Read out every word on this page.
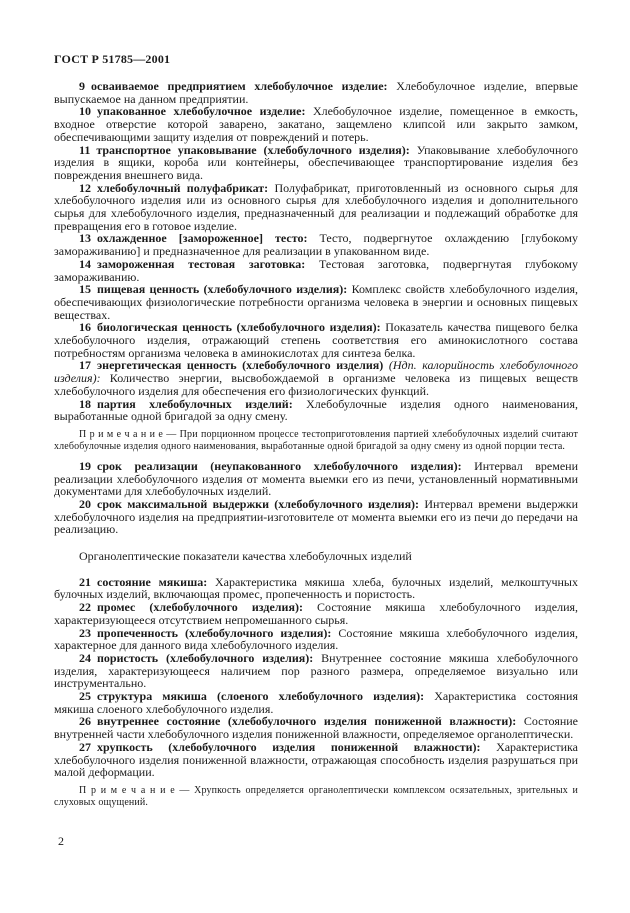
ГОСТ Р 51785—2001

9 осваиваемое предприятием хлебобулочное изделие: Хлебобулочное изделие, впервые выпускаемое на данном предприятии.

10 упакованное хлебобулочное изделие: Хлебобулочное изделие, помещенное в емкость, входное отверстие которой заварено, закатано, защемлено клипсой или закрыто замком, обеспечивающими защиту изделия от повреждений и потерь.

11 транспортное упаковывание (хлебобулочного изделия): Упаковывание хлебобулочного изделия в ящики, короба или контейнеры, обеспечивающее транспортирование изделия без повреждения внешнего вида.

12 хлебобулочный полуфабрикат: Полуфабрикат, приготовленный из основного сырья для хлебобулочного изделия или из основного сырья для хлебобулочного изделия и дополнительного сырья для хлебобулочного изделия, предназначенный для реализации и подлежащий обработке для превращения его в готовое изделие.

13 охлажденное [замороженное] тесто: Тесто, подвергнутое охлаждению [глубокому замораживанию] и предназначенное для реализации в упакованном виде.

14 замороженная тестовая заготовка: Тестовая заготовка, подвергнутая глубокому замораживанию.

15 пищевая ценность (хлебобулочного изделия): Комплекс свойств хлебобулочного изделия, обеспечивающих физиологические потребности организма человека в энергии и основных пищевых веществах.

16 биологическая ценность (хлебобулочного изделия): Показатель качества пищевого белка хлебобулочного изделия, отражающий степень соответствия его аминокислотного состава потребностям организма человека в аминокислотах для синтеза белка.

17 энергетическая ценность (хлебобулочного изделия) (Ндп. калорийность хлебобулочного изделия): Количество энергии, высвобождаемой в организме человека из пищевых веществ хлебобулочного изделия для обеспечения его физиологических функций.

18 партия хлебобулочных изделий: Хлебобулочные изделия одного наименования, выработанные одной бригадой за одну смену.

П р и м е ч а н и е — При порционном процессе тестоприготовления партией хлебобулочных изделий считают хлебобулочные изделия одного наименования, выработанные одной бригадой за одну смену из одной порции теста.

19 срок реализации (неупакованного хлебобулочного изделия): Интервал времени реализации хлебобулочного изделия от момента выемки его из печи, установленный нормативными документами для хлебобулочных изделий.

20 срок максимальной выдержки (хлебобулочного изделия): Интервал времени выдержки хлебобулочного изделия на предприятии-изготовителе от момента выемки его из печи до передачи на реализацию.

Органолептические показатели качества хлебобулочных изделий

21 состояние мякиша: Характеристика мякиша хлеба, булочных изделий, мелкоштучных булочных изделий, включающая промес, пропеченность и пористость.

22 промес (хлебобулочного изделия): Состояние мякиша хлебобулочного изделия, характеризующееся отсутствием непромешанного сырья.

23 пропеченность (хлебобулочного изделия): Состояние мякиша хлебобулочного изделия, характерное для данного вида хлебобулочного изделия.

24 пористость (хлебобулочного изделия): Внутреннее состояние мякиша хлебобулочного изделия, характеризующееся наличием пор разного размера, определяемое визуально или инструментально.

25 структура мякиша (слоеного хлебобулочного изделия): Характеристика состояния мякиша слоеного хлебобулочного изделия.

26 внутреннее состояние (хлебобулочного изделия пониженной влажности): Состояние внутренней части хлебобулочного изделия пониженной влажности, определяемое органолептически.

27 хрупкость (хлебобулочного изделия пониженной влажности): Характеристика хлебобулочного изделия пониженной влажности, отражающая способность изделия разрушаться при малой деформации.

П р и м е ч а н и е — Хрупкость определяется органолептически комплексом осязательных, зрительных и слуховых ощущений.

2
